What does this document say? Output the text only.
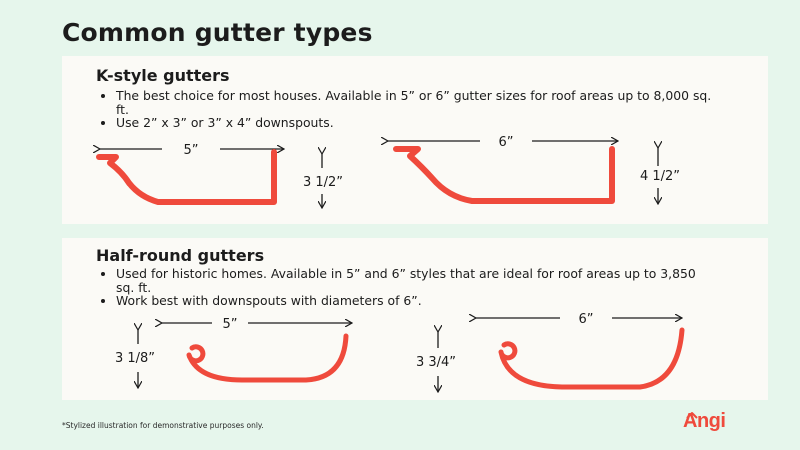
Common gutter types
K-style gutters
• The best choice for most houses. Available in 5” or 6” gutter sizes for roof areas up to 8,000 sq. ft.
• Use 2” x 3” or 3” x 4” downspouts.
5”
3 1/2”
6”
4 1/2”
Half-round gutters
• Used for historic homes. Available in 5” and 6” styles that are ideal for roof areas up to 3,850 sq. ft.
• Work best with downspouts with diameters of 6”.
5”
3 1/8”
6”
3 3/4”
*Stylized illustration for demonstrative purposes only.	Angi
